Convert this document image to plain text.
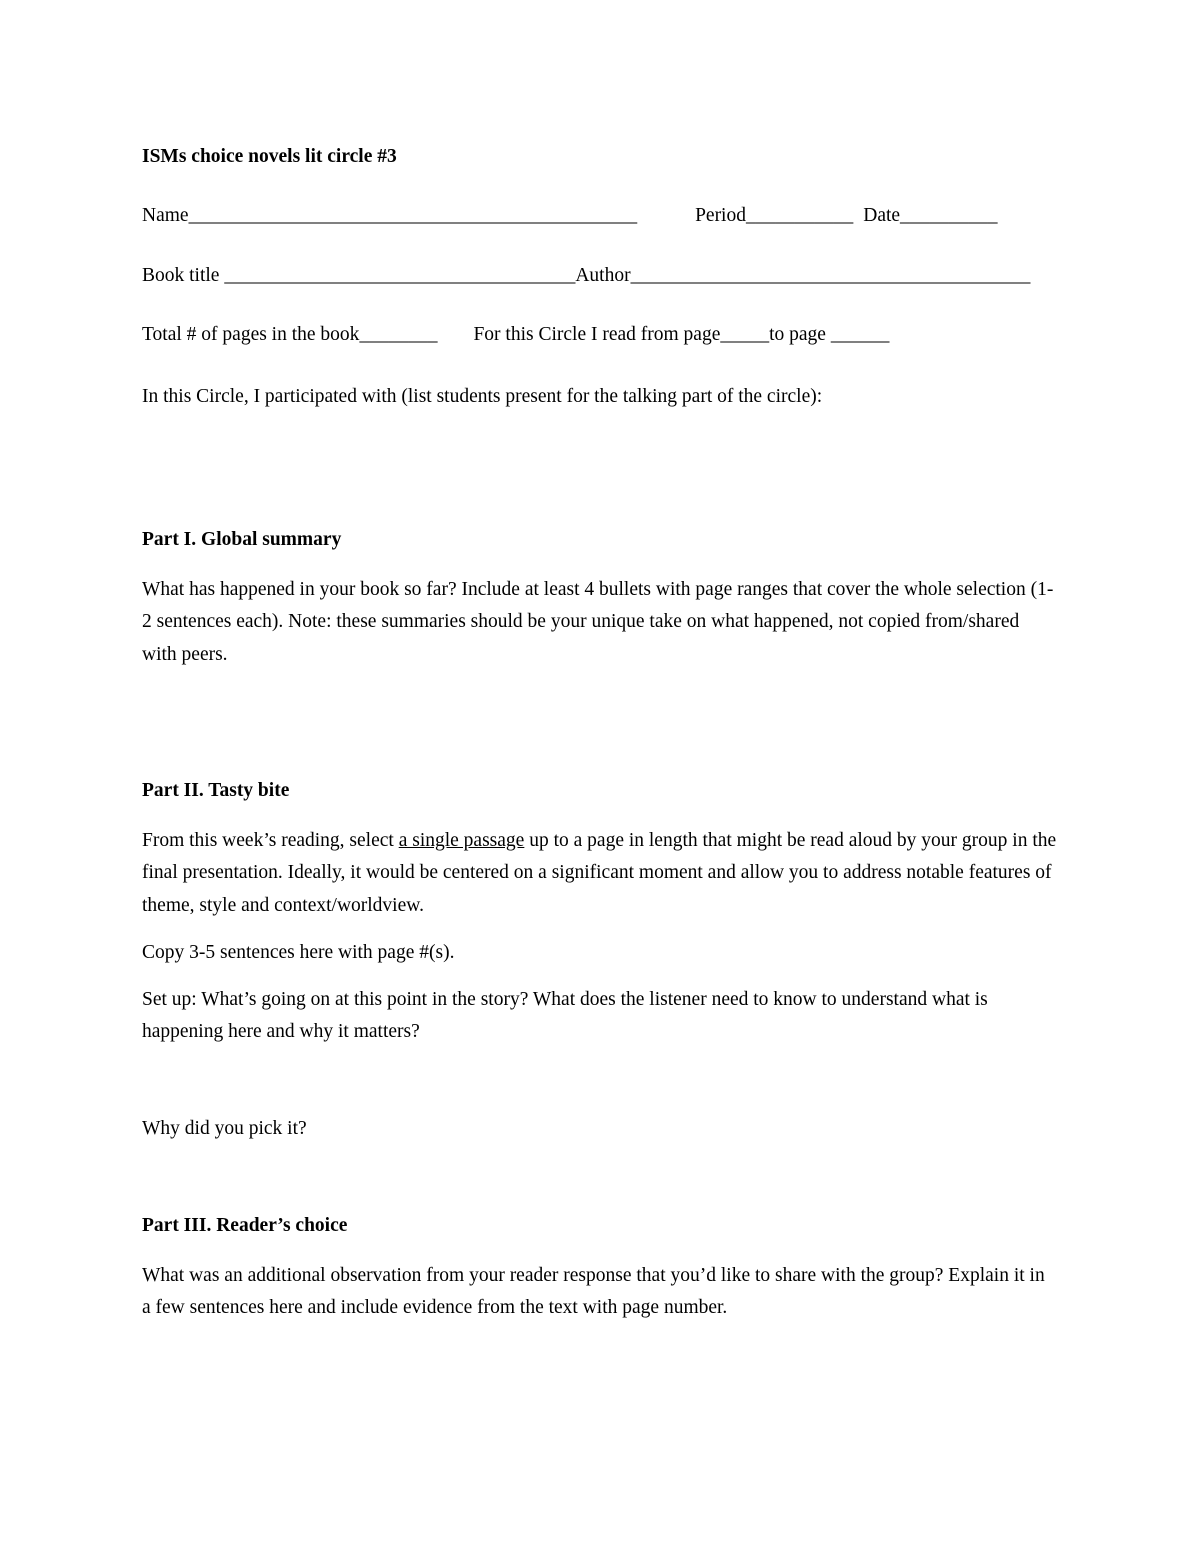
ISMs choice novels lit circle #3

Name______________________________________________	Period___________ Date__________

Book title ____________________________________Author_________________________________________

Total # of pages in the book________ For this Circle I read from page_____to page ______

In this Circle, I participated with (list students present for the talking part of the circle):

Part I. Global summary

What has happened in your book so far? Include at least 4 bullets with page ranges that cover the whole selection (1-2 sentences each). Note: these summaries should be your unique take on what happened, not copied from/shared with peers.

Part II. Tasty bite

From this week’s reading, select a single passage up to a page in length that might be read aloud by your group in the final presentation. Ideally, it would be centered on a significant moment and allow you to address notable features of theme, style and context/worldview.

Copy 3-5 sentences here with page #(s).

Set up: What’s going on at this point in the story? What does the listener need to know to understand what is happening here and why it matters?

Why did you pick it?

Part III. Reader’s choice

What was an additional observation from your reader response that you’d like to share with the group? Explain it in a few sentences here and include evidence from the text with page number.
